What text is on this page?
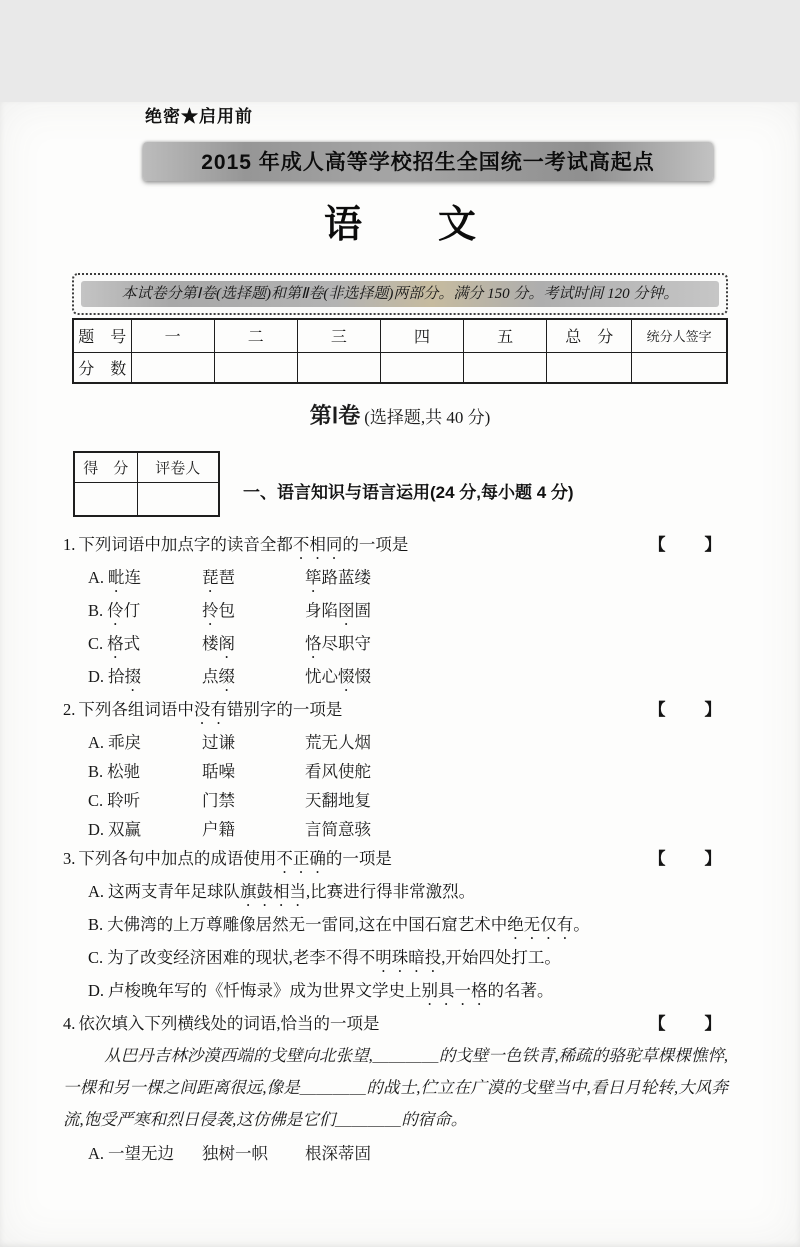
绝密★启用前
2015 年成人高等学校招生全国统一考试高起点
语　　文
本试卷分第Ⅰ卷(选择题)和第Ⅱ卷(非选择题)两部分。满分 150 分。考试时间 120 分钟。
题　号	一	二	三	四	五	总　分	统分人签字
分　数							
第Ⅰ卷 (选择题,共 40 分)
得　分	评卷人

一、语言知识与语言运用(24 分,每小题 4 分)
1. 下列词语中加点字的读音全都不相同的一项是	【　　】
A. 毗连	琵琶	筚路蓝缕
B. 伶仃	拎包	身陷囹圄
C. 格式	楼阁	恪尽职守
D. 拾掇	点缀	忧心惙惙
2. 下列各组词语中没有错别字的一项是	【　　】
A. 乖戾	过谦	荒无人烟
B. 松驰	聒噪	看风使舵
C. 聆听	门禁	天翻地复
D. 双赢	户籍	言简意骇
3. 下列各句中加点的成语使用不正确的一项是	【　　】
A. 这两支青年足球队旗鼓相当,比赛进行得非常激烈。
B. 大佛湾的上万尊雕像居然无一雷同,这在中国石窟艺术中绝无仅有。
C. 为了改变经济困难的现状,老李不得不明珠暗投,开始四处打工。
D. 卢梭晚年写的《忏悔录》成为世界文学史上别具一格的名著。
4. 依次填入下列横线处的词语,恰当的一项是	【　　】
从巴丹吉林沙漠西端的戈壁向北张望,＿＿＿＿的戈壁一色铁青,稀疏的骆驼草棵棵憔悴,一棵和另一棵之间距离很远,像是＿＿＿＿的战士,伫立在广漠的戈壁当中,看日月轮转,大风奔流,饱受严寒和烈日侵袭,这仿佛是它们＿＿＿＿的宿命。
A. 一望无边	独树一帜	根深蒂固
